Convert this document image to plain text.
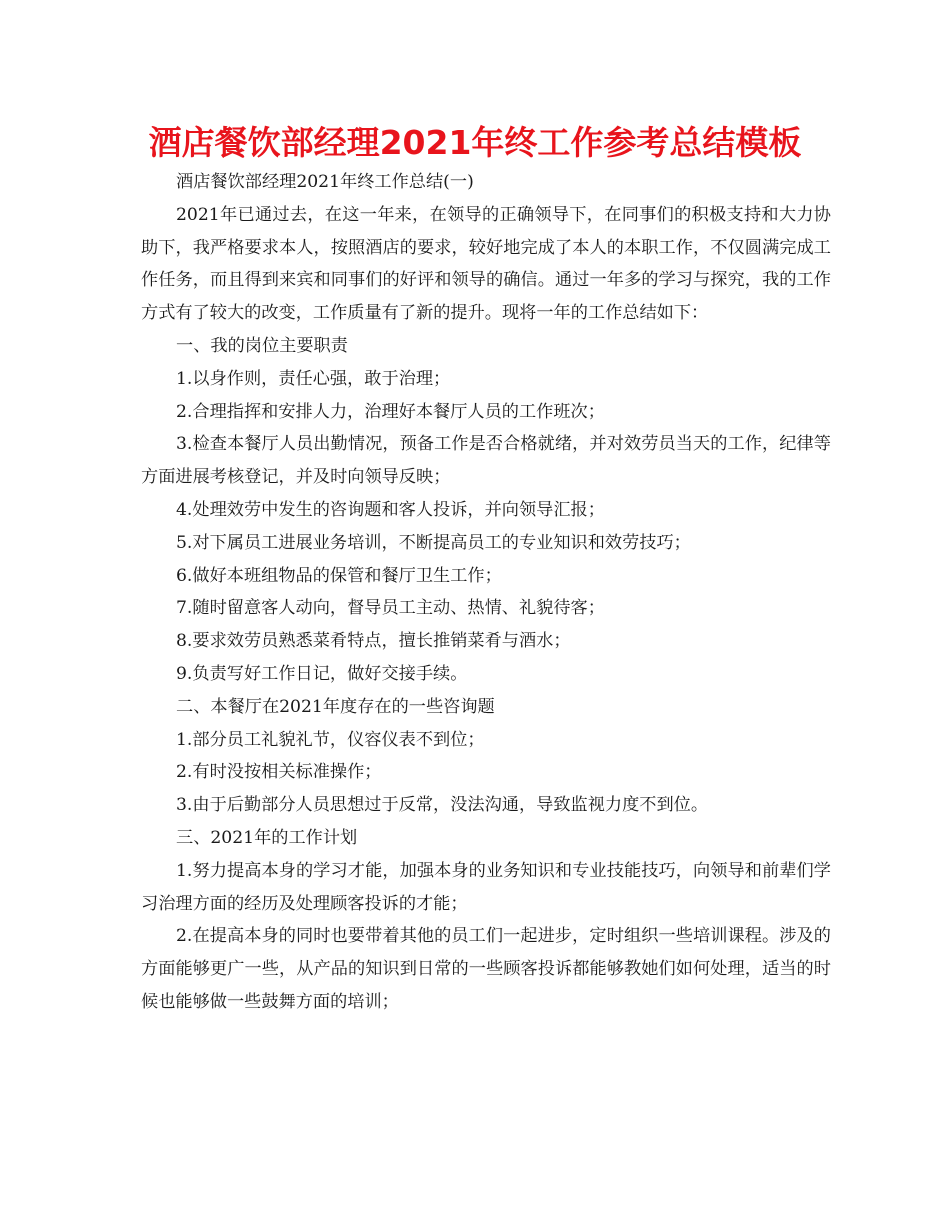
酒店餐饮部经理2021年终工作参考总结模板

酒店餐饮部经理2021年终工作总结(一)

2021年已通过去，在这一年来，在领导的正确领导下，在同事们的积极支持和大力协助下，我严格要求本人，按照酒店的要求，较好地完成了本人的本职工作，不仅圆满完成工作任务，而且得到来宾和同事们的好评和领导的确信。通过一年多的学习与探究，我的工作方式有了较大的改变，工作质量有了新的提升。现将一年的工作总结如下：

一、我的岗位主要职责

1.以身作则，责任心强，敢于治理；

2.合理指挥和安排人力，治理好本餐厅人员的工作班次；

3.检查本餐厅人员出勤情况，预备工作是否合格就绪，并对效劳员当天的工作，纪律等方面进展考核登记，并及时向领导反映；

4.处理效劳中发生的咨询题和客人投诉，并向领导汇报；

5.对下属员工进展业务培训，不断提高员工的专业知识和效劳技巧；

6.做好本班组物品的保管和餐厅卫生工作；

7.随时留意客人动向，督导员工主动、热情、礼貌待客；

8.要求效劳员熟悉菜肴特点，擅长推销菜肴与酒水；

9.负责写好工作日记，做好交接手续。

二、本餐厅在2021年度存在的一些咨询题

1.部分员工礼貌礼节，仪容仪表不到位；

2.有时没按相关标准操作；

3.由于后勤部分人员思想过于反常，没法沟通，导致监视力度不到位。

三、2021年的工作计划

1.努力提高本身的学习才能，加强本身的业务知识和专业技能技巧，向领导和前辈们学习治理方面的经历及处理顾客投诉的才能；

2.在提高本身的同时也要带着其他的员工们一起进步，定时组织一些培训课程。涉及的方面能够更广一些，从产品的知识到日常的一些顾客投诉都能够教她们如何处理，适当的时候也能够做一些鼓舞方面的培训；
